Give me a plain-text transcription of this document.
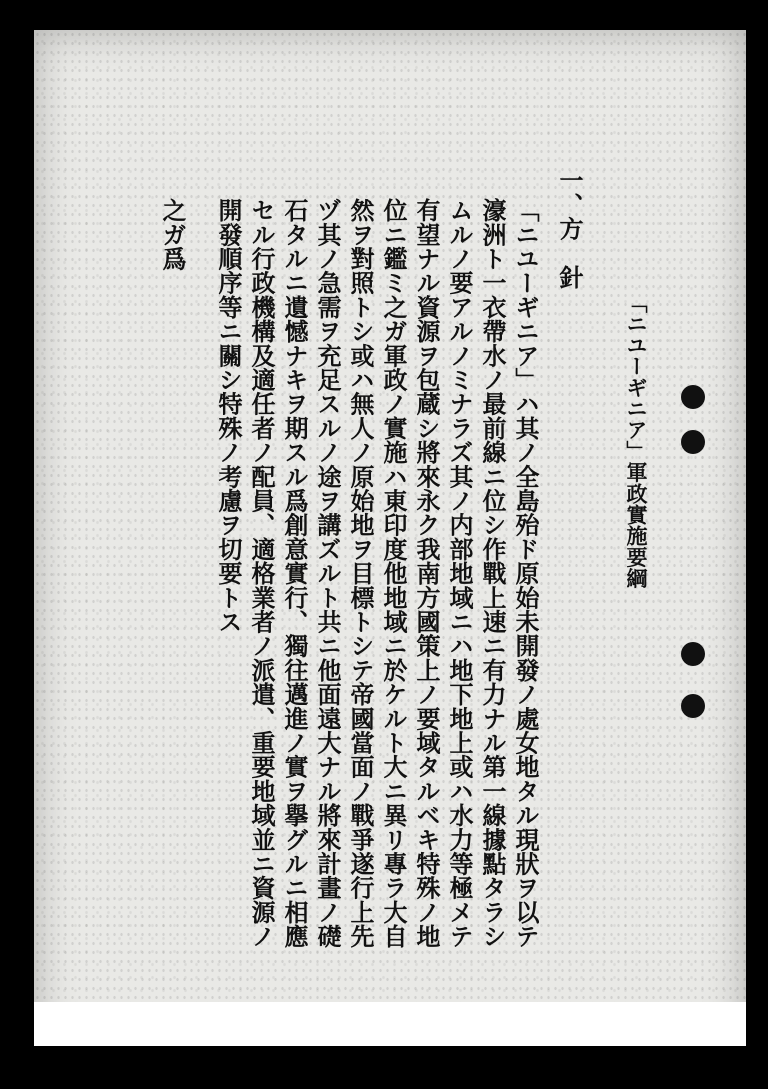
「ニユーギニア」軍政實施要綱
一、方　針
「ニユーギニア」ハ其ノ全島殆ド原始未開發ノ處女地タル現狀ヲ以テ
濠洲ト一衣帶水ノ最前線ニ位シ作戰上速ニ有力ナル第一線據點タラシ
ムルノ要アルノミナラズ其ノ内部地域ニハ地下地上或ハ水力等極メテ
有望ナル資源ヲ包蔵シ將來永ク我南方國策上ノ要域タルベキ特殊ノ地
位ニ鑑ミ之ガ軍政ノ實施ハ東印度他地域ニ於ケルト大ニ異リ專ラ大自
然ヲ對照トシ或ハ無人ノ原始地ヲ目標トシテ帝國當面ノ戰爭遂行上先
ヅ其ノ急需ヲ充足スルノ途ヲ講ズルト共ニ他面遠大ナル將來計畫ノ礎
石タルニ遺憾ナキヲ期スル爲創意實行、獨往邁進ノ實ヲ擧グルニ相應
セル行政機構及適任者ノ配員、適格業者ノ派遣、重要地域並ニ資源ノ
開發順序等ニ關シ特殊ノ考慮ヲ切要トス
之ガ爲
